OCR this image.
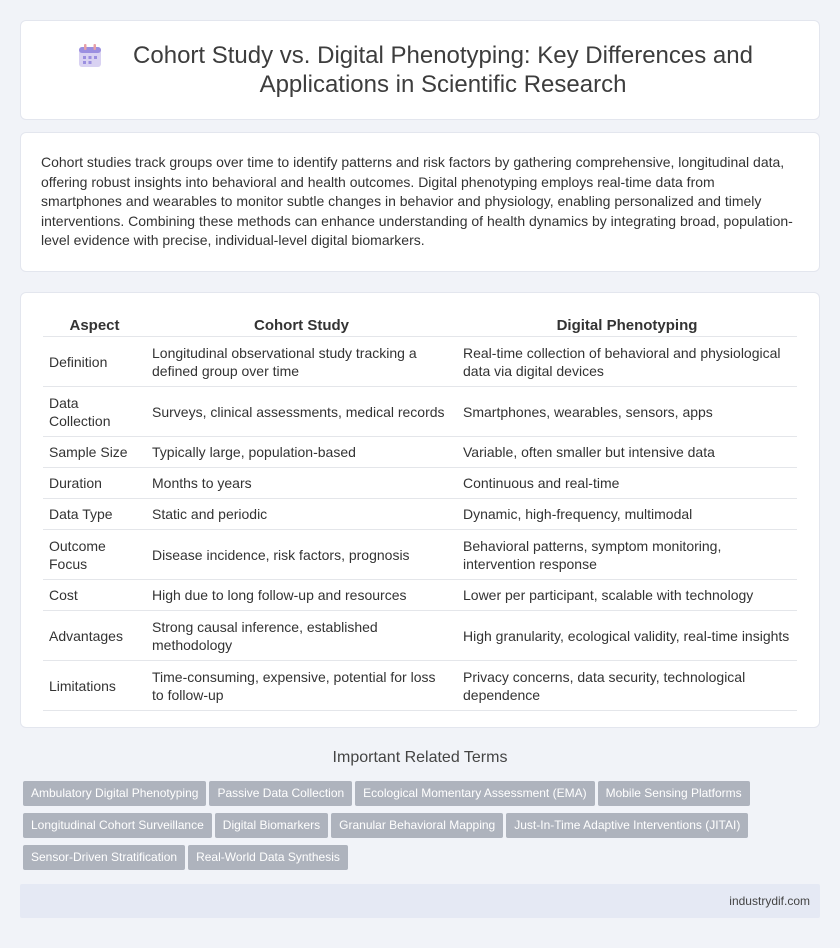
Cohort Study vs. Digital Phenotyping: Key Differences and Applications in Scientific Research

Cohort studies track groups over time to identify patterns and risk factors by gathering comprehensive, longitudinal data, offering robust insights into behavioral and health outcomes. Digital phenotyping employs real-time data from smartphones and wearables to monitor subtle changes in behavior and physiology, enabling personalized and timely interventions. Combining these methods can enhance understanding of health dynamics by integrating broad, population-level evidence with precise, individual-level digital biomarkers.

Aspect	Cohort Study	Digital Phenotyping
Definition	Longitudinal observational study tracking a defined group over time	Real-time collection of behavioral and physiological data via digital devices
Data Collection	Surveys, clinical assessments, medical records	Smartphones, wearables, sensors, apps
Sample Size	Typically large, population-based	Variable, often smaller but intensive data
Duration	Months to years	Continuous and real-time
Data Type	Static and periodic	Dynamic, high-frequency, multimodal
Outcome Focus	Disease incidence, risk factors, prognosis	Behavioral patterns, symptom monitoring, intervention response
Cost	High due to long follow-up and resources	Lower per participant, scalable with technology
Advantages	Strong causal inference, established methodology	High granularity, ecological validity, real-time insights
Limitations	Time-consuming, expensive, potential for loss to follow-up	Privacy concerns, data security, technological dependence
Important Related Terms
Ambulatory Digital Phenotyping Passive Data Collection Ecological Momentary Assessment (EMA) Mobile Sensing Platforms
Longitudinal Cohort Surveillance Digital Biomarkers Granular Behavioral Mapping Just-In-Time Adaptive Interventions (JITAI)
Sensor-Driven Stratification Real-World Data Synthesis
industrydif.com
